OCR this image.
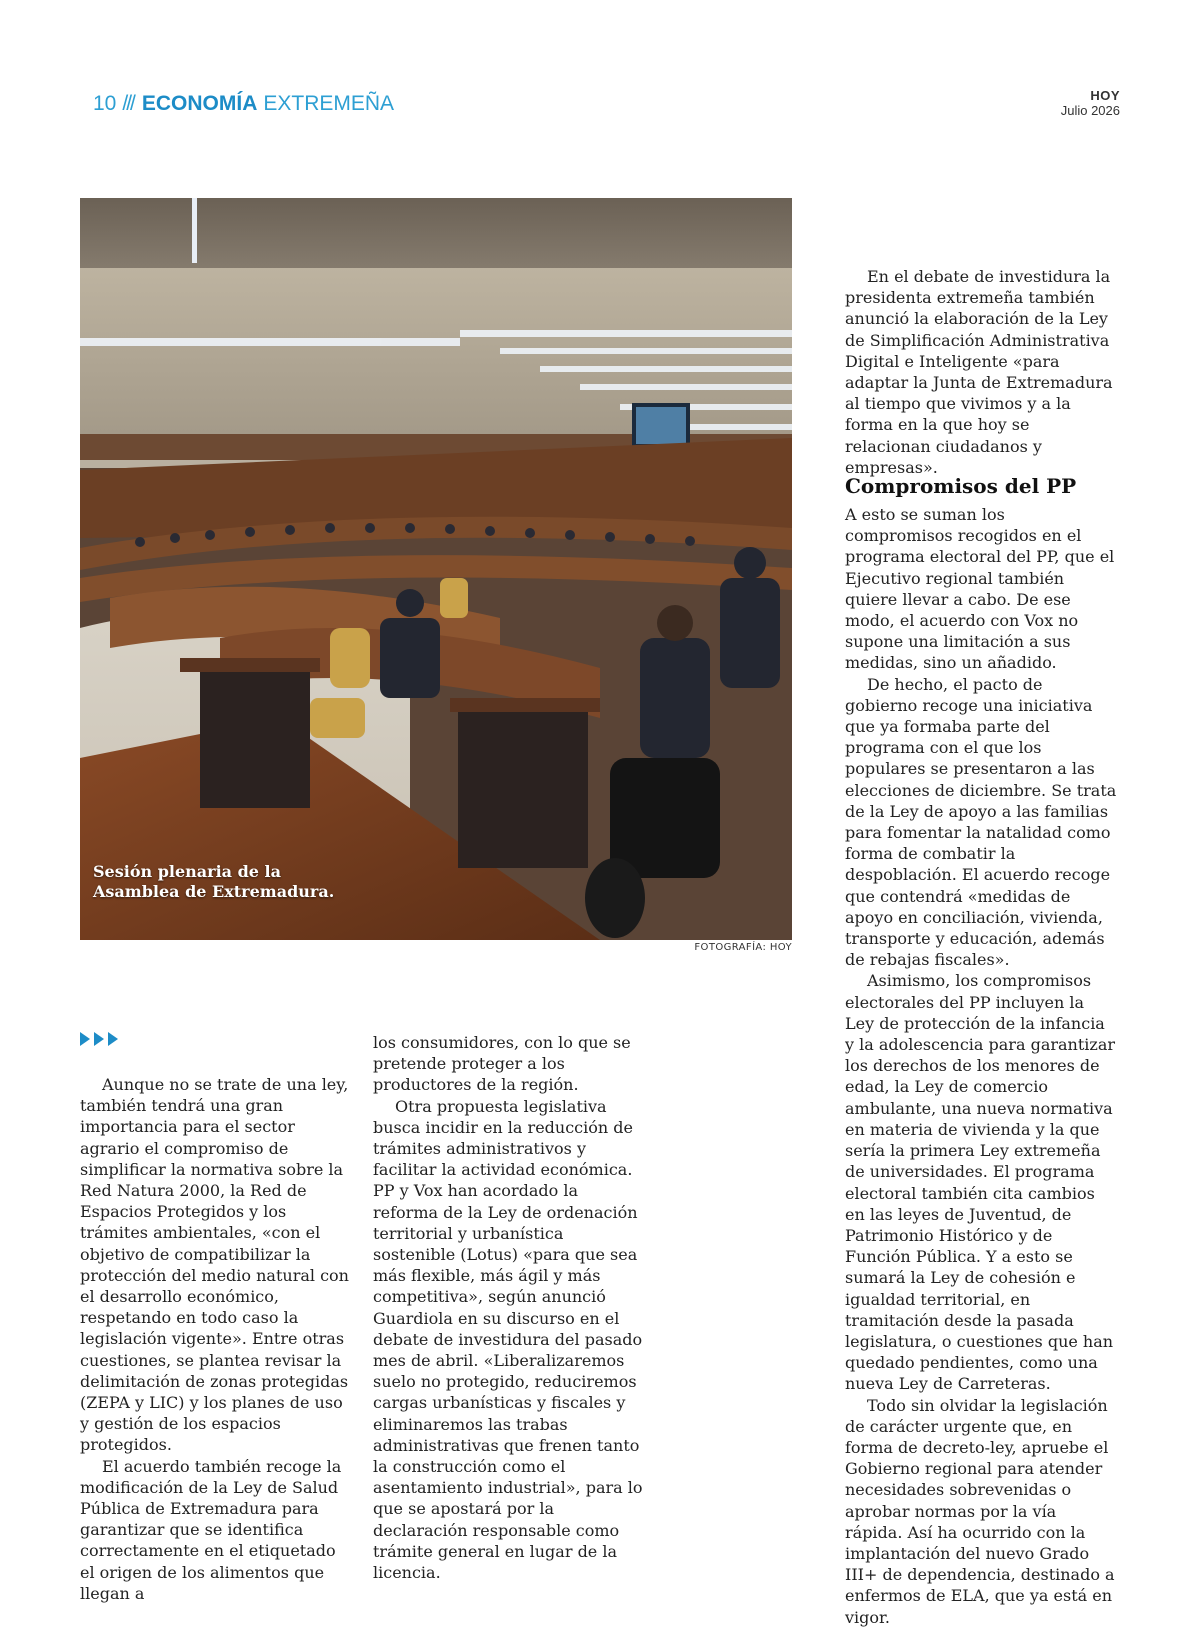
10 /// ECONOMÍA EXTREMEÑA	HOY
Julio 2026
Sesión plenaria de la
Asamblea de Extremadura.
FOTOGRAFÍA: HOY

Aunque no se trate de una ley, también tendrá una gran importancia para el sector agrario el compromiso de simplificar la normativa sobre la Red Natura 2000, la Red de Espacios Protegidos y los trámites ambientales, «con el objetivo de compatibilizar la protección del medio natural con el desarrollo económico, respetando en todo caso la legislación vigente». Entre otras cuestiones, se plantea revisar la delimitación de zonas protegidas (ZEPA y LIC) y los planes de uso y gestión de los espacios protegidos.

El acuerdo también recoge la modificación de la Ley de Salud Pública de Extremadura para garantizar que se identifica correctamente en el etiquetado el origen de los alimentos que llegan a

los consumidores, con lo que se pretende proteger a los productores de la región.

Otra propuesta legislativa busca incidir en la reducción de trámites administrativos y facilitar la actividad económica. PP y Vox han acordado la reforma de la Ley de ordenación territorial y urbanística sostenible (Lotus) «para que sea más flexible, más ágil y más competitiva», según anunció Guardiola en su discurso en el debate de investidura del pasado mes de abril. «Liberalizaremos suelo no protegido, reduciremos cargas urbanísticas y fiscales y eliminaremos las trabas administrativas que frenen tanto la construcción como el asentamiento industrial», para lo que se apostará por la declaración responsable como trámite general en lugar de la licencia.

En el debate de investidura la presidenta extremeña también anunció la elaboración de la Ley de Simplificación Administrativa Digital e Inteligente «para adaptar la Junta de Extremadura al tiempo que vivimos y a la forma en la que hoy se relacionan ciudadanos y empresas».

Compromisos del PP

A esto se suman los compromisos recogidos en el programa electoral del PP, que el Ejecutivo regional también quiere llevar a cabo. De ese modo, el acuerdo con Vox no supone una limitación a sus medidas, sino un añadido.

De hecho, el pacto de gobierno recoge una iniciativa que ya formaba parte del programa con el que los populares se presentaron a las elecciones de diciembre. Se trata de la Ley de apoyo a las familias para fomentar la natalidad como forma de combatir la despoblación. El acuerdo recoge que contendrá «medidas de apoyo en conciliación, vivienda, transporte y educación, además de rebajas fiscales».

Asimismo, los compromisos electorales del PP incluyen la Ley de protección de la infancia y la adolescencia para garantizar los derechos de los menores de edad, la Ley de comercio ambulante, una nueva normativa en materia de vivienda y la que sería la primera Ley extremeña de universidades. El programa electoral también cita cambios en las leyes de Juventud, de Patrimonio Histórico y de Función Pública. Y a esto se sumará la Ley de cohesión e igualdad territorial, en tramitación desde la pasada legislatura, o cuestiones que han quedado pendientes, como una nueva Ley de Carreteras.

Todo sin olvidar la legislación de carácter urgente que, en forma de decreto-ley, apruebe el Gobierno regional para atender necesidades sobrevenidas o aprobar normas por la vía rápida. Así ha ocurrido con la implantación del nuevo Grado III+ de dependencia, destinado a enfermos de ELA, que ya está en vigor.
